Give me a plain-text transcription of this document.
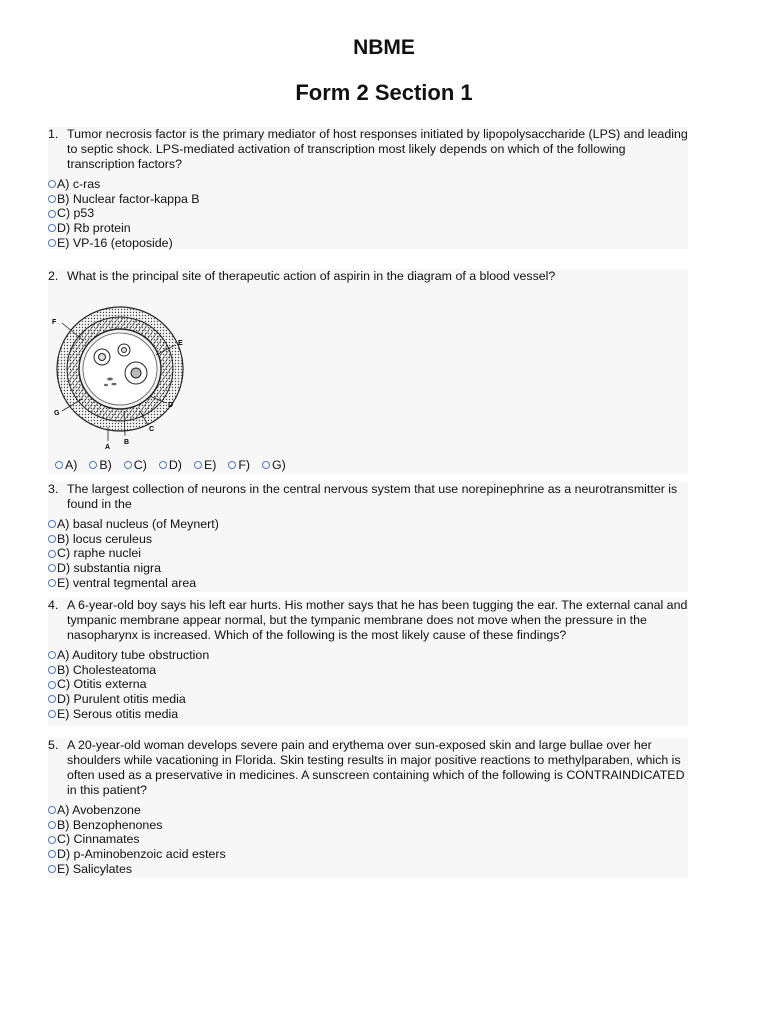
NBME
Form 2 Section 1
1. Tumor necrosis factor is the primary mediator of host responses initiated by lipopolysaccharide (LPS) and leading to septic shock. LPS-mediated activation of transcription most likely depends on which of the following transcription factors?
A) c-ras
B) Nuclear factor-kappa B
C) p53
D) Rb protein
E) VP-16 (etoposide)
2. What is the principal site of therapeutic action of aspirin in the diagram of a blood vessel?
F
E
G
D
C
A
B
A) B) C) D) E) F) G)
3. The largest collection of neurons in the central nervous system that use norepinephrine as a neurotransmitter is found in the
A) basal nucleus (of Meynert)
B) locus ceruleus
C) raphe nuclei
D) substantia nigra
E) ventral tegmental area
4. A 6-year-old boy says his left ear hurts. His mother says that he has been tugging the ear. The external canal and tympanic membrane appear normal, but the tympanic membrane does not move when the pressure in the nasopharynx is increased. Which of the following is the most likely cause of these findings?
A) Auditory tube obstruction
B) Cholesteatoma
C) Otitis externa
D) Purulent otitis media
E) Serous otitis media
5. A 20-year-old woman develops severe pain and erythema over sun-exposed skin and large bullae over her shoulders while vacationing in Florida. Skin testing results in major positive reactions to methylparaben, which is often used as a preservative in medicines. A sunscreen containing which of the following is CONTRAINDICATED in this patient?
A) Avobenzone
B) Benzophenones
C) Cinnamates
D) p-Aminobenzoic acid esters
E) Salicylates
